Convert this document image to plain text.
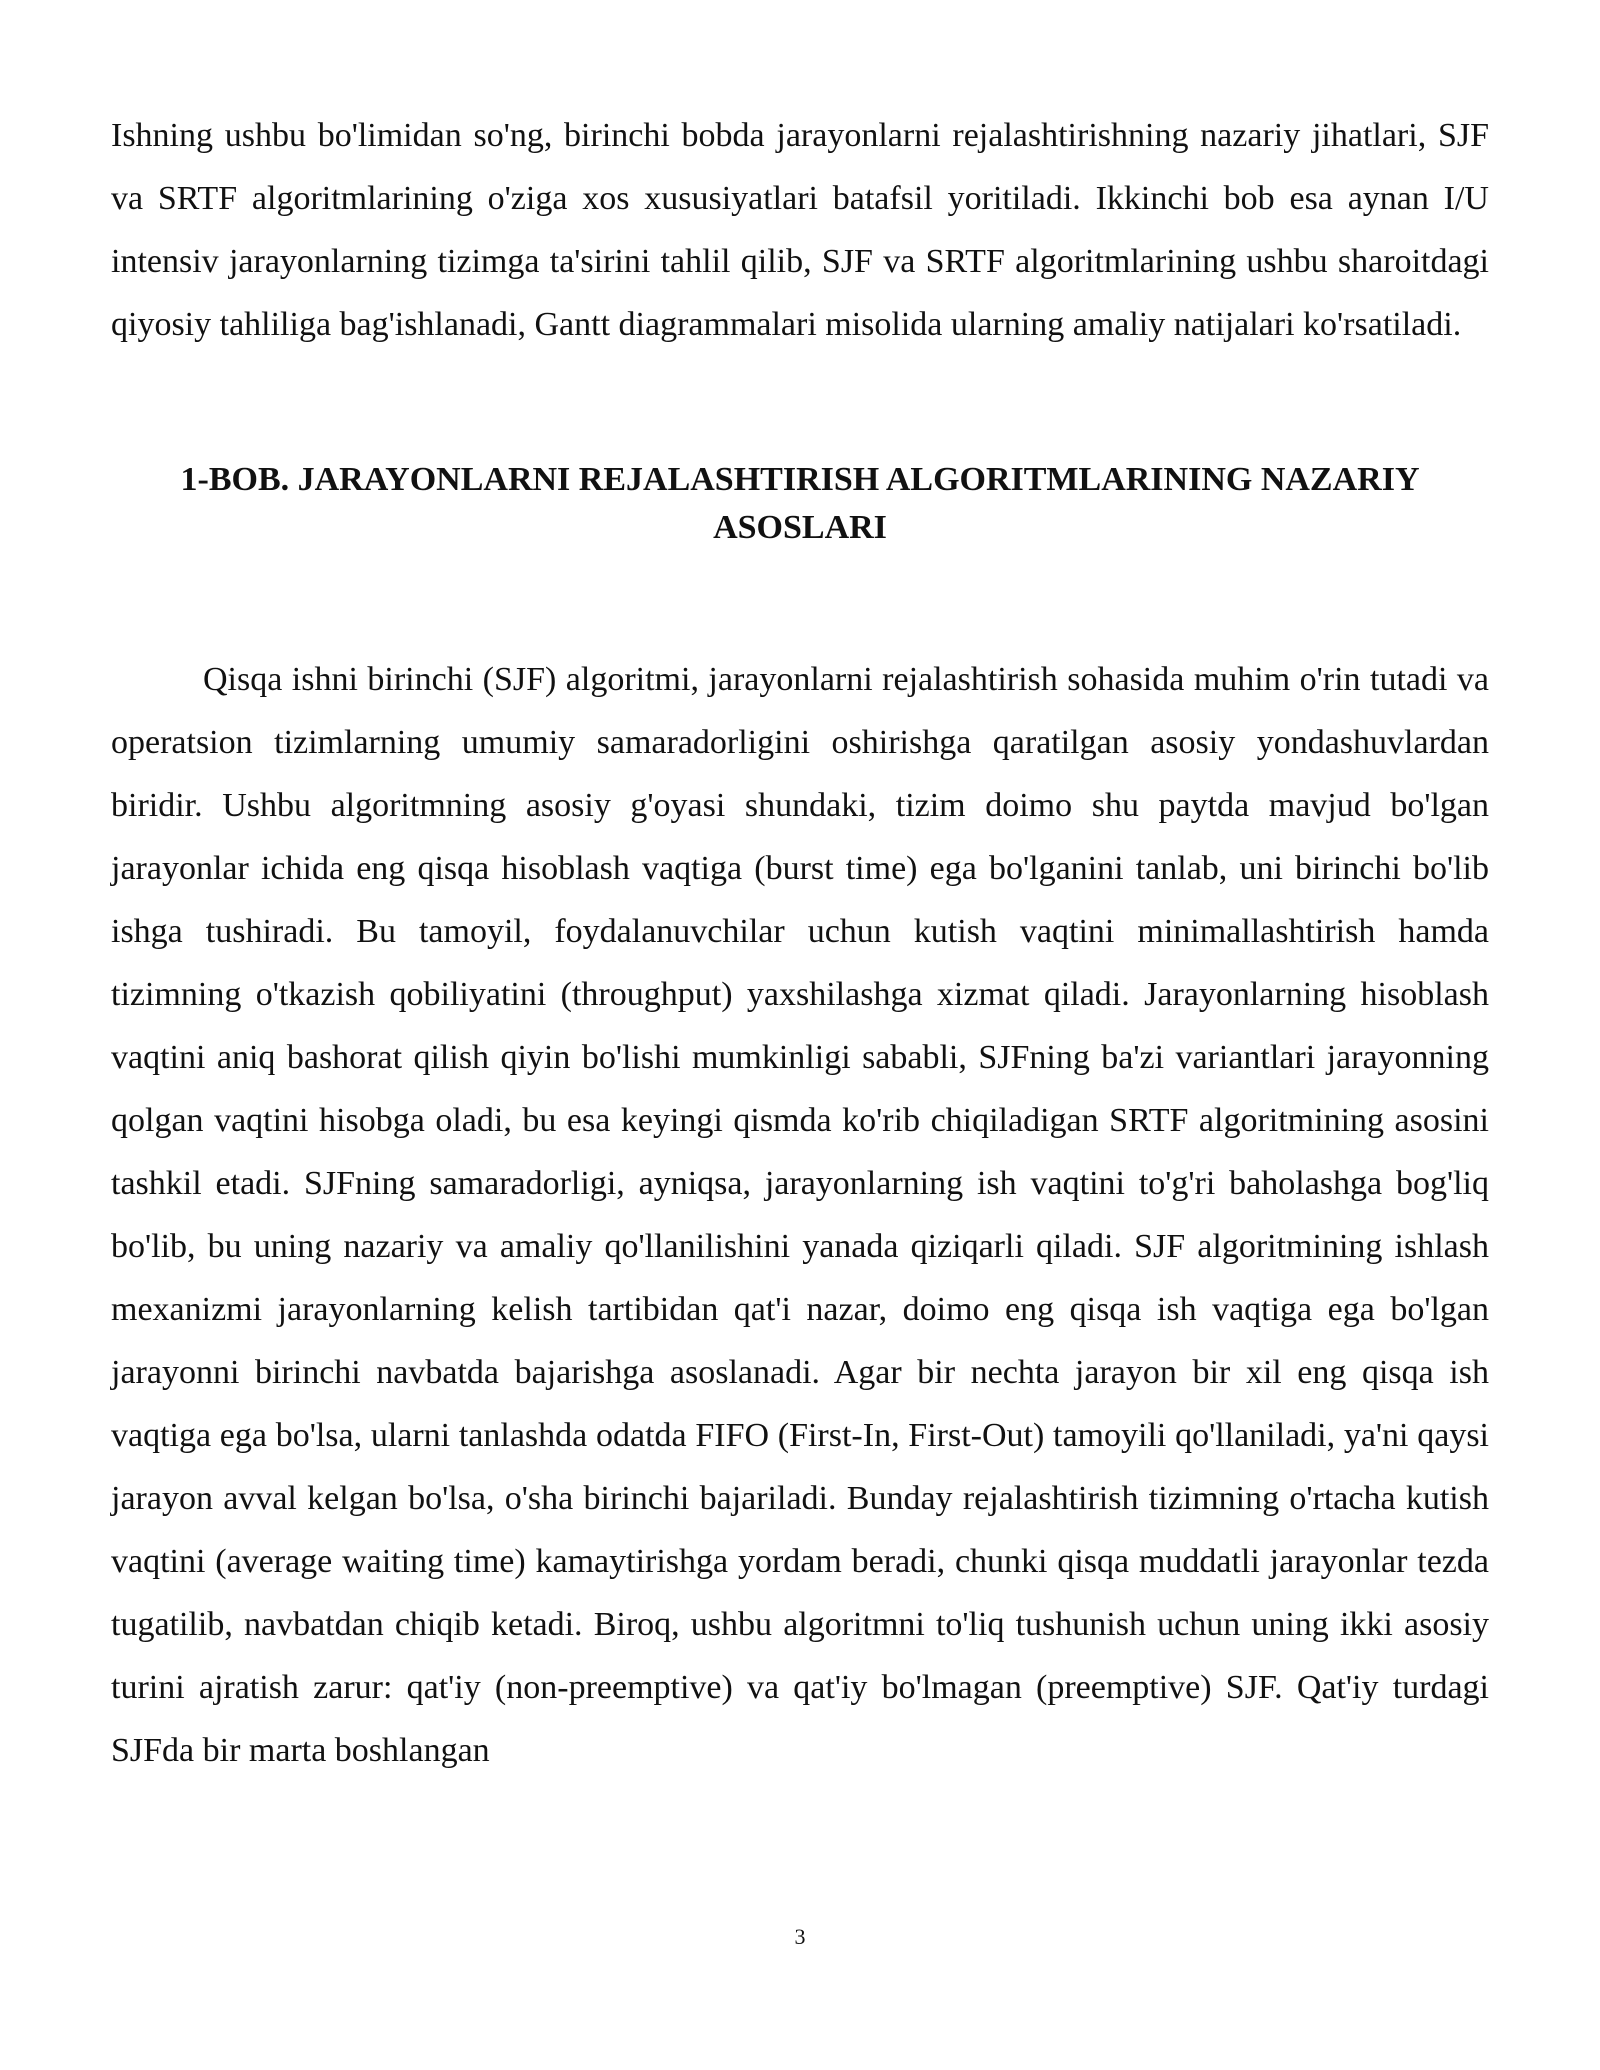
Ishning ushbu bo'limidan so'ng, birinchi bobda jarayonlarni rejalashtirishning nazariy jihatlari, SJF va SRTF algoritmlarining o'ziga xos xususiyatlari batafsil yoritiladi. Ikkinchi bob esa aynan I/U intensiv jarayonlarning tizimga ta'sirini tahlil qilib, SJF va SRTF algoritmlarining ushbu sharoitdagi qiyosiy tahliliga bag'ishlanadi, Gantt diagrammalari misolida ularning amaliy natijalari ko'rsatiladi.

1-BOB. JARAYONLARNI REJALASHTIRISH ALGORITMLARINING NAZARIY
ASOSLARI

Qisqa ishni birinchi (SJF) algoritmi, jarayonlarni rejalashtirish sohasida muhim o'rin tutadi va operatsion tizimlarning umumiy samaradorligini oshirishga qaratilgan asosiy yondashuvlardan biridir. Ushbu algoritmning asosiy g'oyasi shundaki, tizim doimo shu paytda mavjud bo'lgan jarayonlar ichida eng qisqa hisoblash vaqtiga (burst time) ega bo'lganini tanlab, uni birinchi bo'lib ishga tushiradi. Bu tamoyil, foydalanuvchilar uchun kutish vaqtini minimallashtirish hamda tizimning o'tkazish qobiliyatini (throughput) yaxshilashga xizmat qiladi. Jarayonlarning hisoblash vaqtini aniq bashorat qilish qiyin bo'lishi mumkinligi sababli, SJFning ba'zi variantlari jarayonning qolgan vaqtini hisobga oladi, bu esa keyingi qismda ko'rib chiqiladigan SRTF algoritmining asosini tashkil etadi. SJFning samaradorligi, ayniqsa, jarayonlarning ish vaqtini to'g'ri baholashga bog'liq bo'lib, bu uning nazariy va amaliy qo'llanilishini yanada qiziqarli qiladi. SJF algoritmining ishlash mexanizmi jarayonlarning kelish tartibidan qat'i nazar, doimo eng qisqa ish vaqtiga ega bo'lgan jarayonni birinchi navbatda bajarishga asoslanadi. Agar bir nechta jarayon bir xil eng qisqa ish vaqtiga ega bo'lsa, ularni tanlashda odatda FIFO (First-In, First-Out) tamoyili qo'llaniladi, ya'ni qaysi jarayon avval kelgan bo'lsa, o'sha birinchi bajariladi. Bunday rejalashtirish tizimning o'rtacha kutish vaqtini (average waiting time) kamaytirishga yordam beradi, chunki qisqa muddatli jarayonlar tezda tugatilib, navbatdan chiqib ketadi. Biroq, ushbu algoritmni to'liq tushunish uchun uning ikki asosiy turini ajratish zarur: qat'iy (non-preemptive) va qat'iy bo'lmagan (preemptive) SJF. Qat'iy turdagi SJFda bir marta boshlangan

3
